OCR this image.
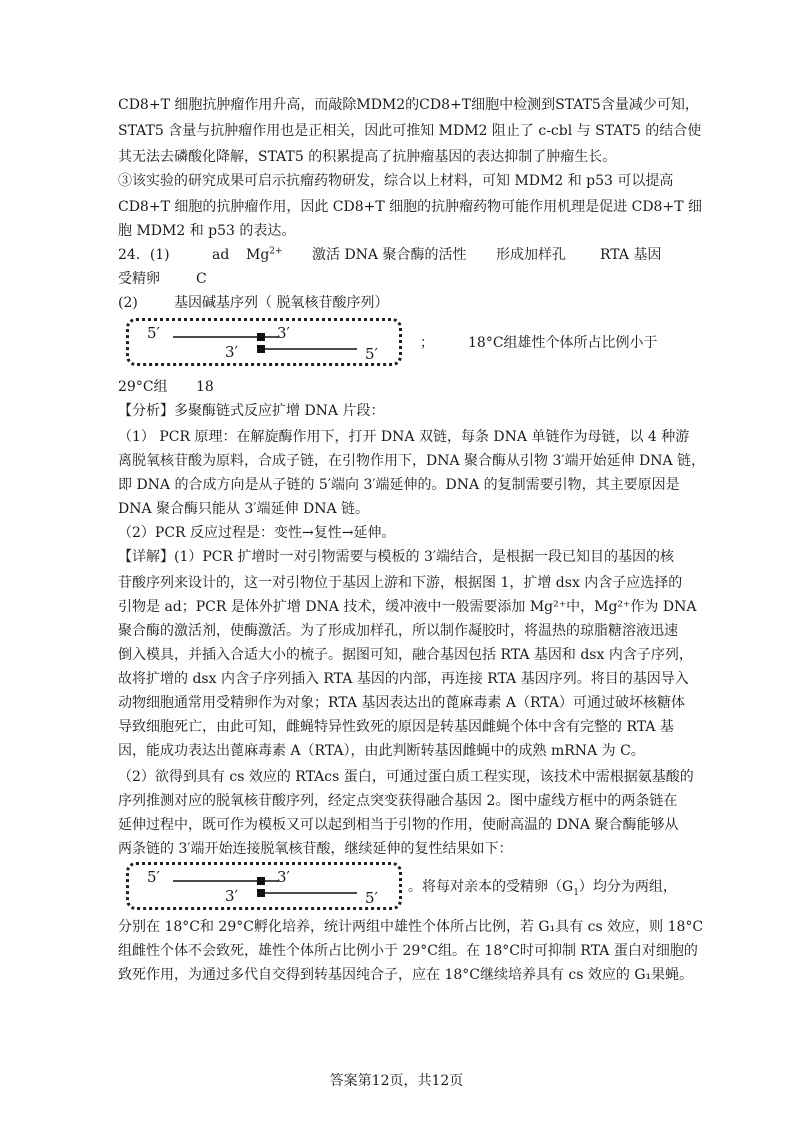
CD8+T 细胞抗肿瘤作用升高，而敲除MDM2的CD8+T细胞中检测到STAT5含量减少可知，
STAT5 含量与抗肿瘤作用也是正相关，因此可推知 MDM2 阻止了 c-cbl 与 STAT5 的结合使
其无法去磷酸化降解，STAT5 的积累提高了抗肿瘤基因的表达抑制了肿瘤生长。
③该实验的研究成果可启示抗瘤药物研发，综合以上材料，可知 MDM2 和 p53 可以提高
CD8+T 细胞的抗肿瘤作用，因此 CD8+T 细胞的抗肿瘤药物可能作用机理是促进 CD8+T 细
胞 MDM2 和 p53 的表达。
24．(1)	ad $Mg^{2+}$ 激活 DNA 聚合酶的活性 形成加样孔 RTA 基因
受精卵	C
(2)	基因碱基序列（ 脱氧核苷酸序列）
5′	3′
3′	5′
； 18°C组雄性个体所占比例小于
29°C组 18
【分析】多聚酶链式反应扩增 DNA 片段：
（1） PCR 原理：在解旋酶作用下，打开 DNA 双链，每条 DNA 单链作为母链，以 4 种游
离脱氧核苷酸为原料，合成子链，在引物作用下，DNA 聚合酶从引物 3′端开始延伸 DNA 链，
即 DNA 的合成方向是从子链的 5′端向 3′端延伸的。DNA 的复制需要引物，其主要原因是
DNA 聚合酶只能从 3′端延伸 DNA 链。
（2）PCR 反应过程是：变性→复性→延伸。
【详解】(1）PCR 扩增时一对引物需要与模板的 3′端结合，是根据一段已知目的基因的核
苷酸序列来设计的，这一对引物位于基因上游和下游，根据图 1，扩增 dsx 内含子应选择的
引物是 ad；PCR 是体外扩增 DNA 技术，缓冲液中一般需要添加 Mg²⁺中，Mg²⁺作为 DNA
聚合酶的激活剂，使酶激活。为了形成加样孔，所以制作凝胶时，将温热的琼脂糖溶液迅速
倒入模具，并插入合适大小的梳子。据图可知，融合基因包括 RTA 基因和 dsx 内含子序列，
故将扩增的 dsx 内含子序列插入 RTA 基因的内部，再连接 RTA 基因序列。将目的基因导入
动物细胞通常用受精卵作为对象；RTA 基因表达出的蓖麻毒素 A（RTA）可通过破坏核糖体
导致细胞死亡，由此可知，雌蝇特异性致死的原因是转基因雌蝇个体中含有完整的 RTA 基
因，能成功表达出蓖麻毒素 A（RTA），由此判断转基因雌蝇中的成熟 mRNA 为 C。
（2）欲得到具有 cs 效应的 RTAcs 蛋白，可通过蛋白质工程实现，该技术中需根据氨基酸的
序列推测对应的脱氧核苷酸序列，经定点突变获得融合基因 2。图中虚线方框中的两条链在
延伸过程中，既可作为模板又可以起到相当于引物的作用，使耐高温的 DNA 聚合酶能够从
两条链的 3′端开始连接脱氧核苷酸，继续延伸的复性结果如下：
5′	3′
3′	5′
。将每对亲本的受精卵$(G_1)$均分为两组，
分别在 18°C和 29°C孵化培养，统计两组中雄性个体所占比例，若 G₁具有 cs 效应，则 18°C
组雌性个体不会致死，雄性个体所占比例小于 29°C组。在 18°C时可抑制 RTA 蛋白对细胞的
致死作用，为通过多代自交得到转基因纯合子，应在 18°C继续培养具有 cs 效应的 G₁果蝇。
答案第12页，共12页
